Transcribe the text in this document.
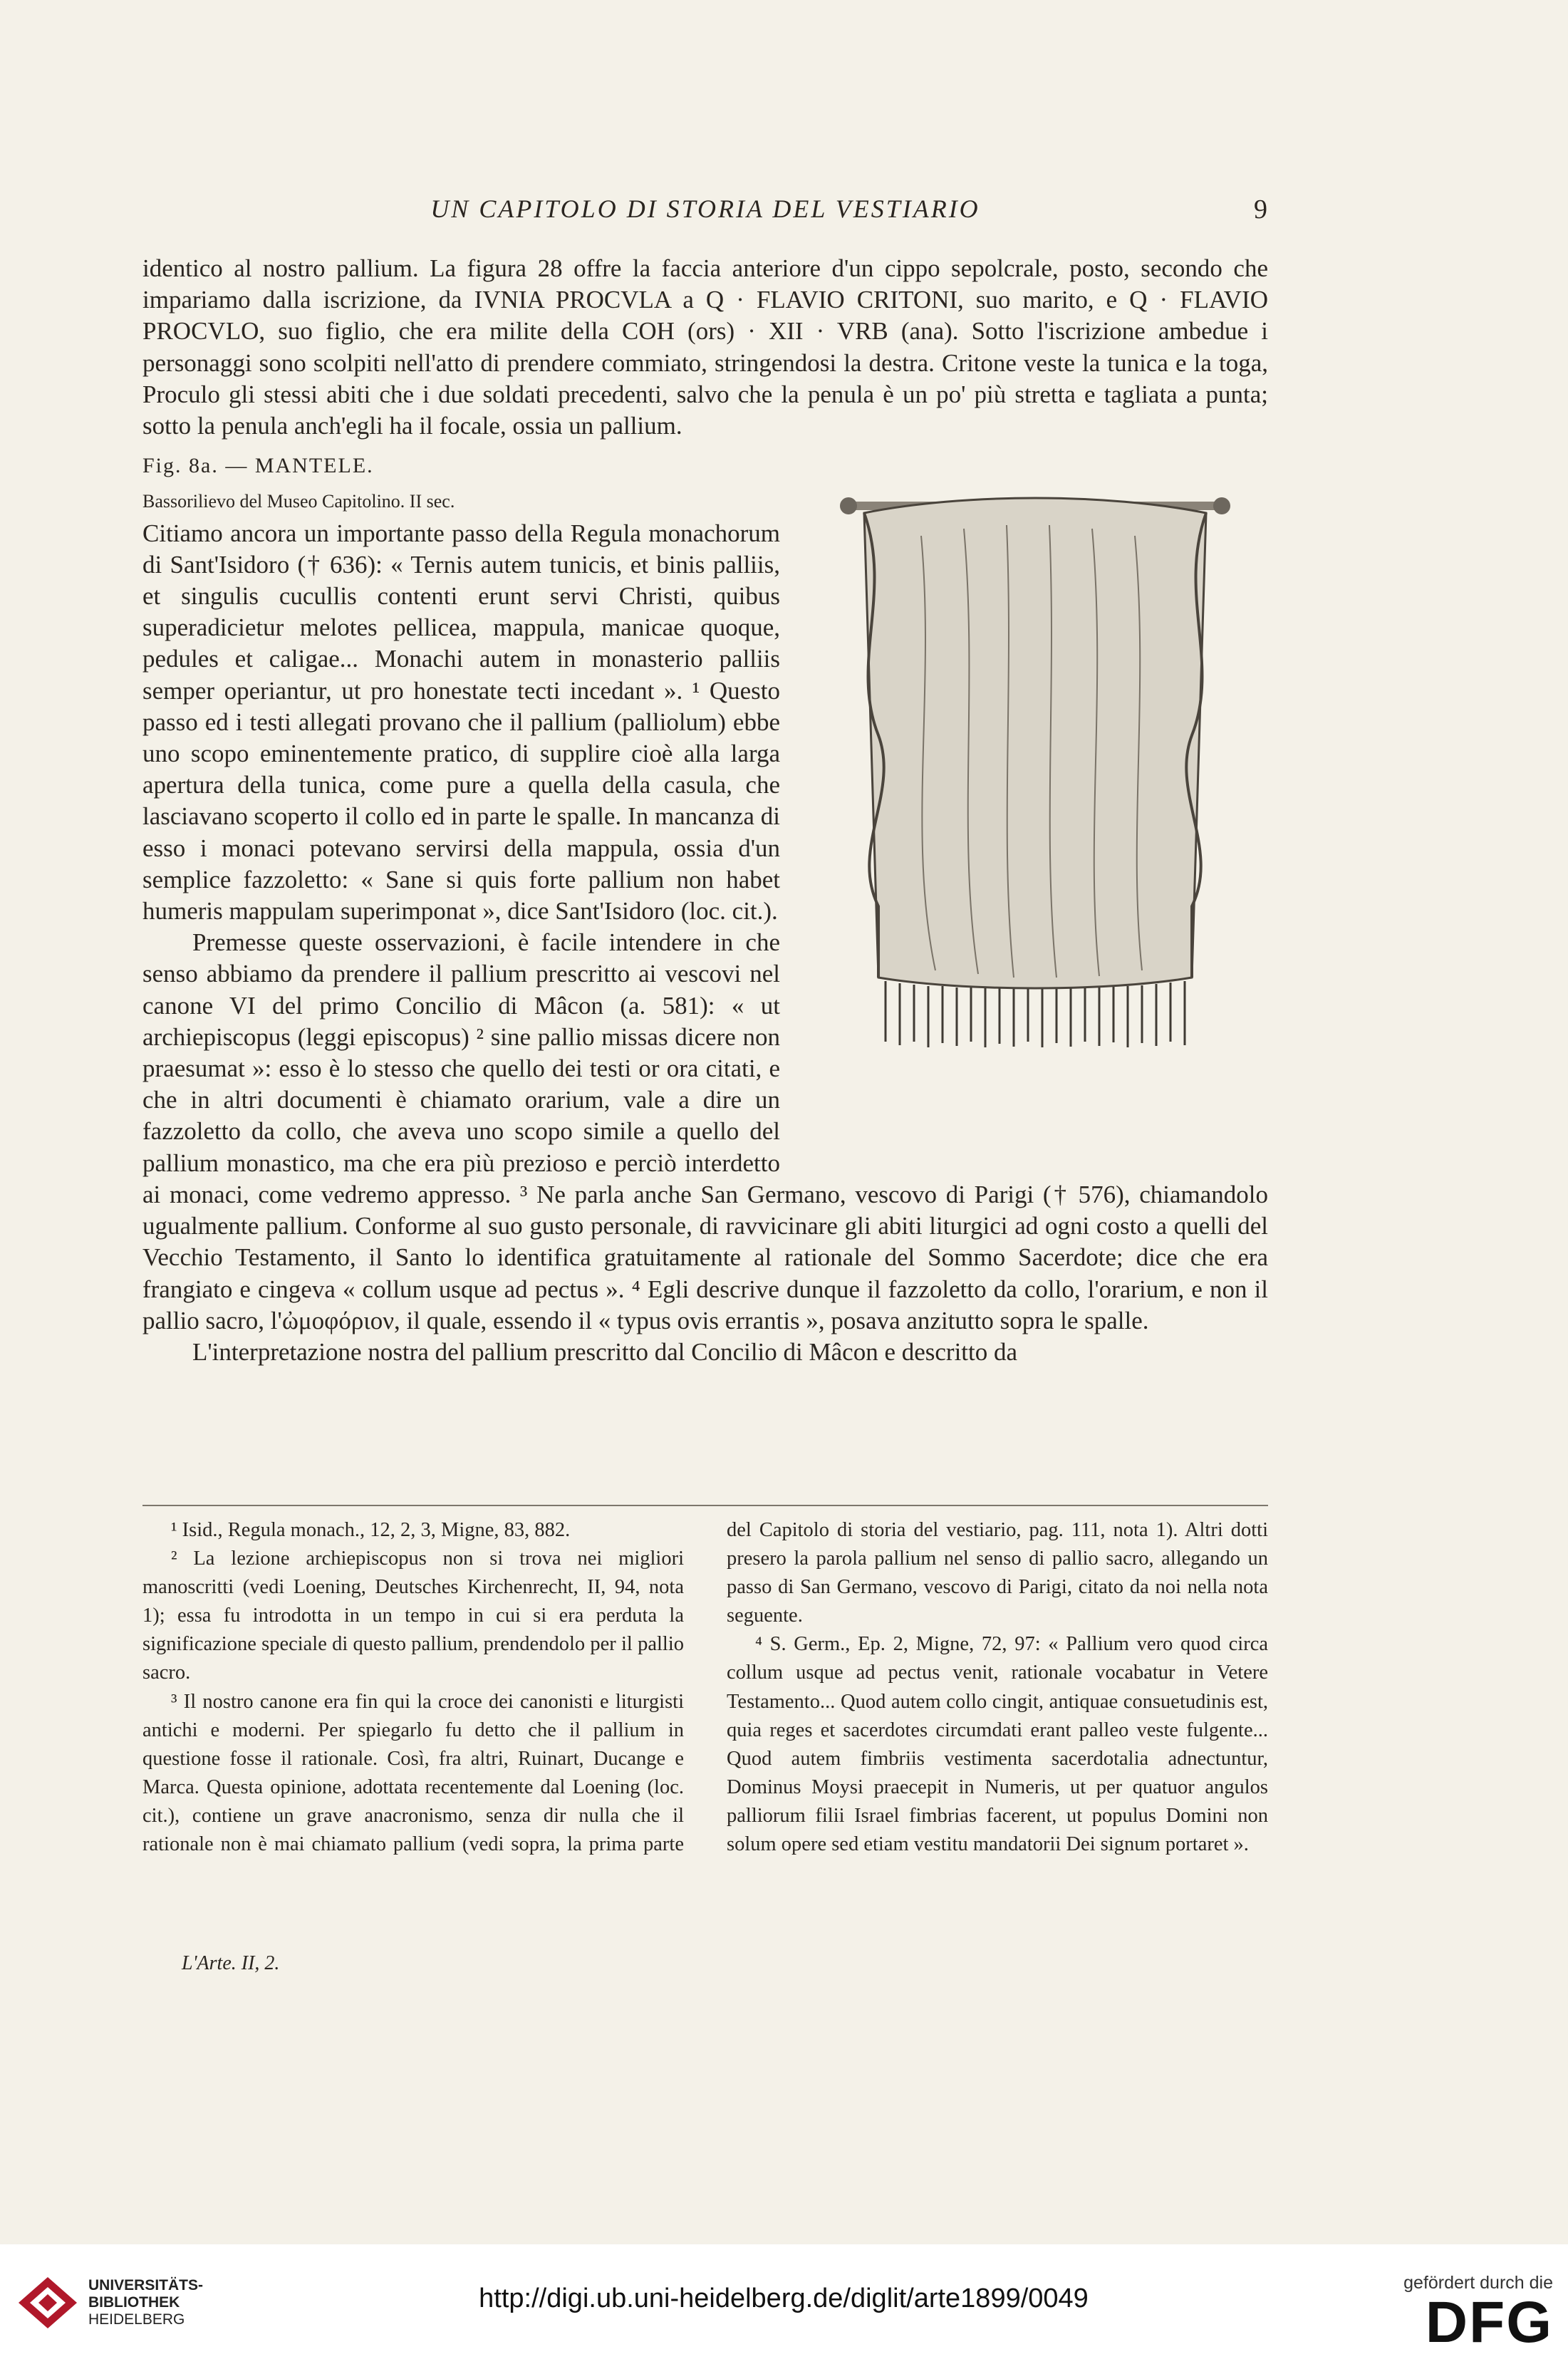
UN CAPITOLO DI STORIA DEL VESTIARIO	9

identico al nostro pallium. La figura 28 offre la faccia anteriore d'un cippo sepolcrale, posto, secondo che impariamo dalla iscrizione, da IVNIA PROCVLA a Q · FLAVIO CRITONI, suo marito, e Q · FLAVIO PROCVLO, suo figlio, che era milite della COH (ors) · XII · VRB (ana). Sotto l'iscrizione ambedue i personaggi sono scolpiti nell'atto di prendere commiato, stringendosi la destra. Critone veste la tunica e la toga, Proculo gli stessi abiti che i due soldati precedenti, salvo che la penula è un po' più stretta e tagliata a punta; sotto la penula anch'egli ha il focale, ossia un pallium.

Fig. 8a. — MANTELE.
Bassorilievo del Museo Capitolino. II sec.
Citiamo ancora un importante passo della Regula monachorum di Sant'Isidoro († 636): « Ternis autem tunicis, et binis palliis, et singulis cucullis contenti erunt servi Christi, quibus superadicietur melotes pellicea, mappula, manicae quoque, pedules et caligae... Monachi autem in monasterio palliis semper operiantur, ut pro honestate tecti incedant ». ¹ Questo passo ed i testi allegati provano che il pallium (palliolum) ebbe uno scopo eminentemente pratico, di supplire cioè alla larga apertura della tunica, come pure a quella della casula, che lasciavano scoperto il collo ed in parte le spalle. In mancanza di esso i monaci potevano servirsi della mappula, ossia d'un semplice fazzoletto: « Sane si quis forte pallium non habet humeris mappulam superimponat », dice Sant'Isidoro (loc. cit.).

Premesse queste osservazioni, è facile intendere in che senso abbiamo da prendere il pallium prescritto ai vescovi nel canone VI del primo Concilio di Mâcon (a. 581): « ut archiepiscopus (leggi episcopus) ² sine pallio missas dicere non praesumat »: esso è lo stesso che quello dei testi or ora citati, e che in altri documenti è chiamato orarium, vale a dire un fazzoletto da collo, che aveva uno scopo simile a quello del pallium monastico, ma che era più prezioso e perciò interdetto ai monaci, come vedremo appresso. ³ Ne parla anche San Germano, vescovo di Parigi († 576), chiamandolo ugualmente pallium. Conforme al suo gusto personale, di ravvicinare gli abiti liturgici ad ogni costo a quelli del Vecchio Testamento, il Santo lo identifica gratuitamente al rationale del Sommo Sacerdote; dice che era frangiato e cingeva « collum usque ad pectus ». ⁴ Egli descrive dunque il fazzoletto da collo, l'orarium, e non il pallio sacro, l'ὠμοφόριον, il quale, essendo il « typus ovis errantis », posava anzitutto sopra le spalle.

L'interpretazione nostra del pallium prescritto dal Concilio di Mâcon e descritto da

¹ Isid., Regula monach., 12, 2, 3, Migne, 83, 882.

² La lezione archiepiscopus non si trova nei migliori manoscritti (vedi Loening, Deutsches Kirchenrecht, II, 94, nota 1); essa fu introdotta in un tempo in cui si era perduta la significazione speciale di questo pallium, prendendolo per il pallio sacro.

³ Il nostro canone era fin qui la croce dei canonisti e liturgisti antichi e moderni. Per spiegarlo fu detto che il pallium in questione fosse il rationale. Così, fra altri, Ruinart, Ducange e Marca. Questa opinione, adottata recentemente dal Loening (loc. cit.), contiene un grave anacronismo, senza dir nulla che il rationale non è mai chiamato pallium (vedi sopra, la prima parte del Capitolo di storia del vestiario, pag. 111, nota 1). Altri dotti presero la parola pallium nel senso di pallio sacro, allegando un passo di San Germano, vescovo di Parigi, citato da noi nella nota seguente.

⁴ S. Germ., Ep. 2, Migne, 72, 97: « Pallium vero quod circa collum usque ad pectus venit, rationale vocabatur in Vetere Testamento... Quod autem collo cingit, antiquae consuetudinis est, quia reges et sacerdotes circumdati erant palleo veste fulgente... Quod autem fimbriis vestimenta sacerdotalia adnectuntur, Dominus Moysi praecepit in Numeris, ut per quatuor angulos palliorum filii Israel fimbrias facerent, ut populus Domini non solum opere sed etiam vestitu mandatorii Dei signum portaret ».

L'Arte. II, 2.
UNIVERSITÄTS-
BIBLIOTHEK
HEIDELBERG
http://digi.ub.uni-heidelberg.de/diglit/arte1899/0049
gefördert durch die
DFG
